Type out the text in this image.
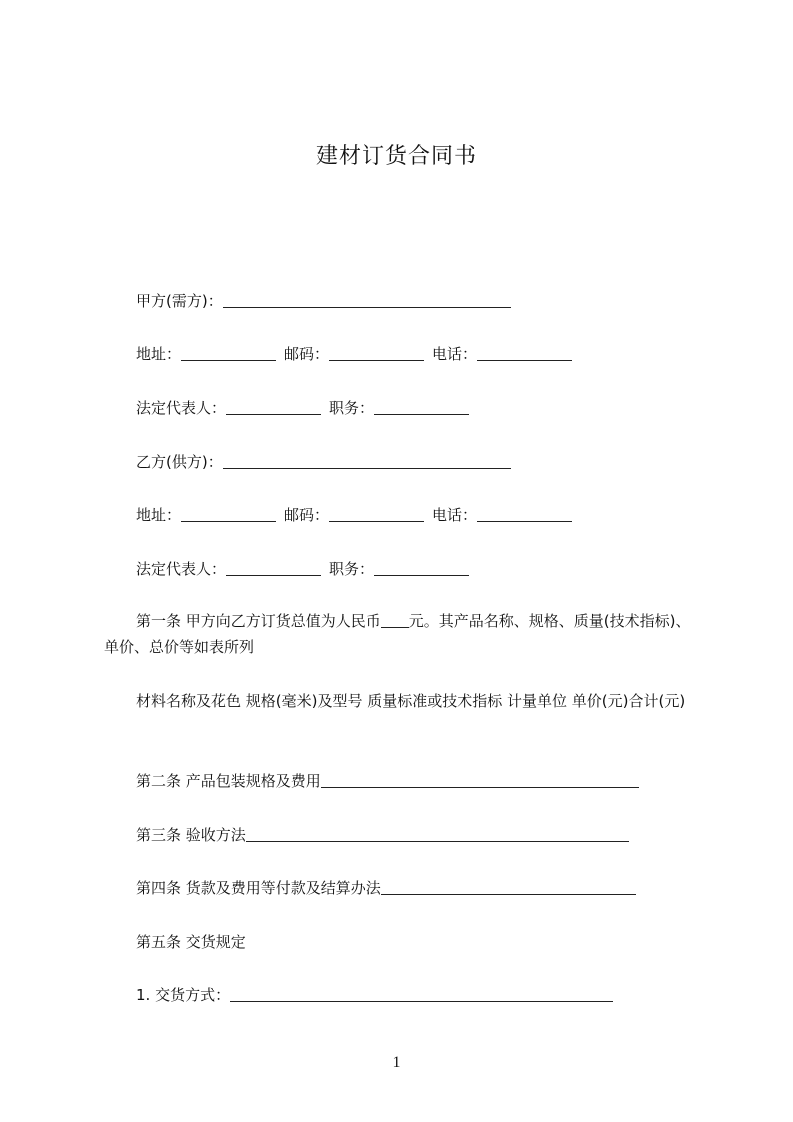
建材订货合同书
甲方(需方)：
地址：	邮码：	电话：
法定代表人：	职务：
乙方(供方)：
地址：	邮码：	电话：
法定代表人：	职务：
第一条 甲方向乙方订货总值为人民币 元。其产品名称、规格、质量(技术指标)、单价、总价等如表所列
材料名称及花色 规格(毫米)及型号 质量标准或技术指标 计量单位 单价(元)合计(元)
第二条 产品包装规格及费用
第三条 验收方法
第四条 货款及费用等付款及结算办法
第五条 交货规定
1. 交货方式：
1
